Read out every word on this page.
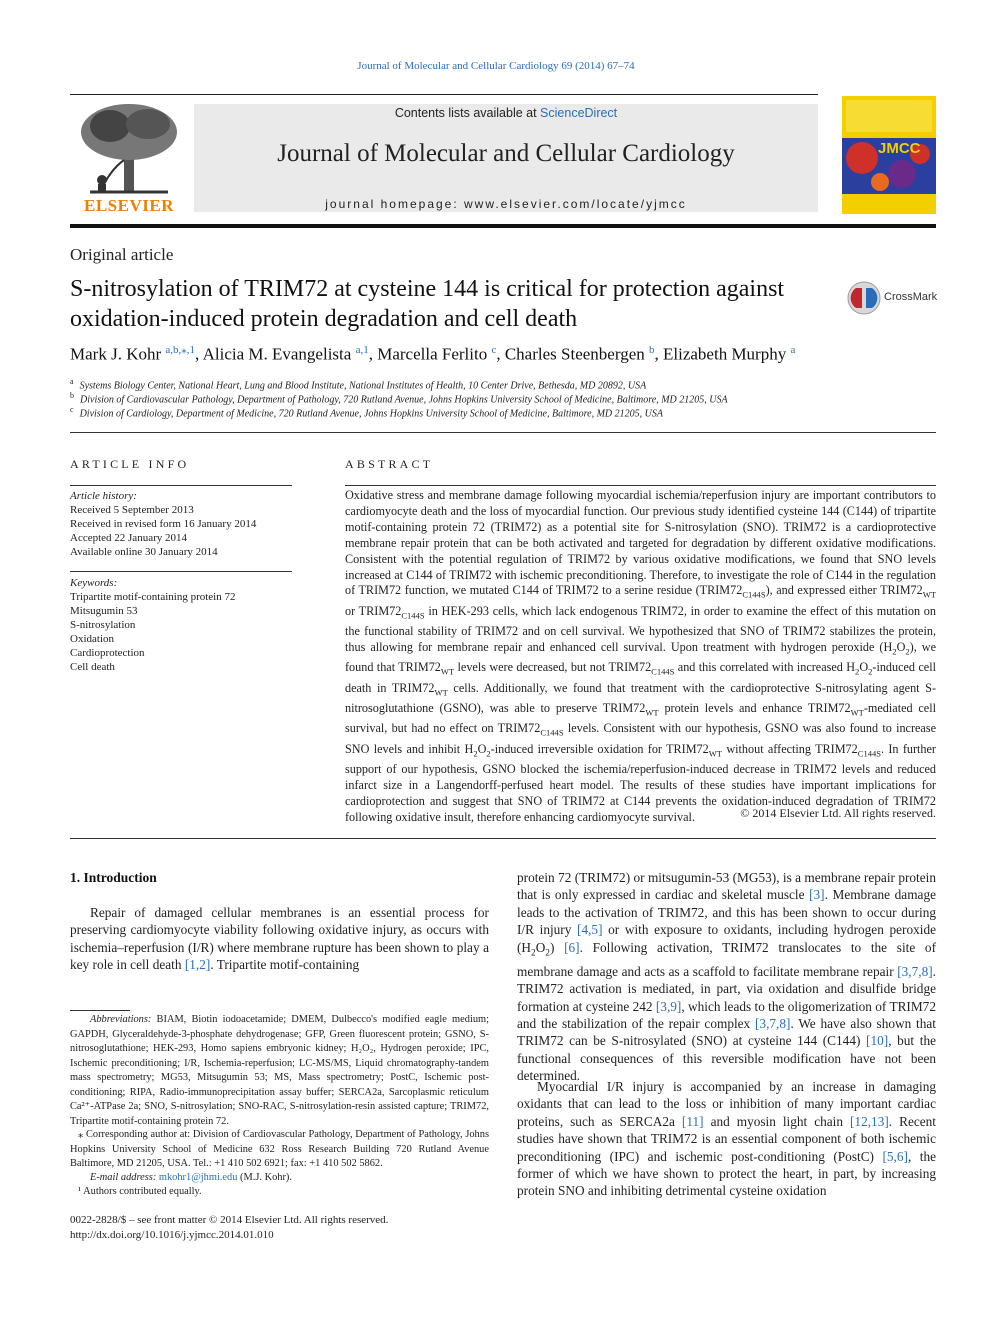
Journal of Molecular and Cellular Cardiology 69 (2014) 67–74
ELSEVIER
Contents lists available at ScienceDirect
Journal of Molecular and Cellular Cardiology
journal homepage: www.elsevier.com/locate/yjmcc
JMCC
Original article
S-nitrosylation of TRIM72 at cysteine 144 is critical for protection against oxidation-induced protein degradation and cell death
CrossMark
Mark J. Kohr $^{a,b,⁎,1}$, Alicia M. Evangelista $^{a,1}$, Marcella Ferlito $^c$, Charles Steenbergen $^b$, Elizabeth Murphy $^a$
$^a$ Systems Biology Center, National Heart, Lung and Blood Institute, National Institutes of Health, 10 Center Drive, Bethesda, MD 20892, USA
$^b$ Division of Cardiovascular Pathology, Department of Pathology, 720 Rutland Avenue, Johns Hopkins University School of Medicine, Baltimore, MD 21205, USA
$^c$ Division of Cardiology, Department of Medicine, 720 Rutland Avenue, Johns Hopkins University School of Medicine, Baltimore, MD 21205, USA
ARTICLE INFO
Article history:
Received 5 September 2013
Received in revised form 16 January 2014
Accepted 22 January 2014
Available online 30 January 2014
Keywords:
Tripartite motif-containing protein 72
Mitsugumin 53
S-nitrosylation
Oxidation
Cardioprotection
Cell death
ABSTRACT
Oxidative stress and membrane damage following myocardial ischemia/reperfusion injury are important contributors to cardiomyocyte death and the loss of myocardial function. Our previous study identified cysteine 144 (C144) of tripartite motif-containing protein 72 (TRIM72) as a potential site for S-nitrosylation (SNO). TRIM72 is a cardioprotective membrane repair protein that can be both activated and targeted for degradation by different oxidative modifications. Consistent with the potential regulation of TRIM72 by various oxidative modifications, we found that SNO levels increased at C144 of TRIM72 with ischemic preconditioning. Therefore, to investigate the role of C144 in the regulation of TRIM72 function, we mutated C144 of TRIM72 to a serine residue $(TRIM72_{C144S})$, and expressed either $TRIM72_{WT}$ or $TRIM72_{C144S}$ in HEK-293 cells, which lack endogenous TRIM72, in order to examine the effect of this mutation on the functional stability of TRIM72 and on cell survival. We hypothesized that SNO of TRIM72 stabilizes the protein, thus allowing for membrane repair and enhanced cell survival. Upon treatment with hydrogen peroxide $(H_2O_2)$, we found that $TRIM72_{WT}$ levels were decreased, but not $TRIM72_{C144S}$ and this correlated with increased $H_2O_2$-induced cell death in $TRIM72_{WT}$ cells. Additionally, we found that treatment with the cardioprotective S-nitrosylating agent S-nitrosoglutathione (GSNO), was able to preserve $TRIM72_{WT}$ protein levels and enhance $TRIM72_{WT}$-mediated cell survival, but had no effect on $TRIM72_{C144S}$ levels. Consistent with our hypothesis, GSNO was also found to increase SNO levels and inhibit $H_2O_2$-induced irreversible oxidation for $TRIM72_{WT}$ without affecting $TRIM72_{C144S}$. In further support of our hypothesis, GSNO blocked the ischemia/reperfusion-induced decrease in TRIM72 levels and reduced infarct size in a Langendorff-perfused heart model. The results of these studies have important implications for cardioprotection and suggest that SNO of TRIM72 at C144 prevents the oxidation-induced degradation of TRIM72 following oxidative insult, therefore enhancing cardiomyocyte survival.	© 2014 Elsevier Ltd. All rights reserved.
1. Introduction
Repair of damaged cellular membranes is an essential process for preserving cardiomyocyte viability following oxidative injury, as occurs with ischemia–reperfusion (I/R) where membrane rupture has been shown to play a key role in cell death [1,2]. Tripartite motif-containing
protein 72 (TRIM72) or mitsugumin-53 (MG53), is a membrane repair protein that is only expressed in cardiac and skeletal muscle [3]. Membrane damage leads to the activation of TRIM72, and this has been shown to occur during I/R injury [4,5] or with exposure to oxidants, including hydrogen peroxide $(H_2O_2)$ [6]. Following activation, TRIM72 translocates to the site of membrane damage and acts as a scaffold to facilitate membrane repair [3,7,8]. TRIM72 activation is mediated, in part, via oxidation and disulfide bridge formation at cysteine 242 [3,9], which leads to the oligomerization of TRIM72 and the stabilization of the repair complex [3,7,8]. We have also shown that TRIM72 can be S-nitrosylated (SNO) at cysteine 144 (C144) [10], but the functional consequences of this reversible modification have not been determined.
Myocardial I/R injury is accompanied by an increase in damaging oxidants that can lead to the loss or inhibition of many important cardiac proteins, such as SERCA2a [11] and myosin light chain [12,13]. Recent studies have shown that TRIM72 is an essential component of both ischemic preconditioning (IPC) and ischemic post-conditioning (PostC) [5,6], the former of which we have shown to protect the heart, in part, by increasing protein SNO and inhibiting detrimental cysteine oxidation
Abbreviations: BIAM, Biotin iodoacetamide; DMEM, Dulbecco's modified eagle medium; GAPDH, Glyceraldehyde-3-phosphate dehydrogenase; GFP, Green fluorescent protein; GSNO, S-nitrosoglutathione; HEK-293, Homo sapiens embryonic kidney; H₂O₂, Hydrogen peroxide; IPC, Ischemic preconditioning; I/R, Ischemia-reperfusion; LC-MS/MS, Liquid chromatography-tandem mass spectrometry; MG53, Mitsugumin 53; MS, Mass spectrometry; PostC, Ischemic post-conditioning; RIPA, Radio-immunoprecipitation assay buffer; SERCA2a, Sarcoplasmic reticulum Ca²⁺-ATPase 2a; SNO, S-nitrosylation; SNO-RAC, S-nitrosylation-resin assisted capture; TRIM72, Tripartite motif-containing protein 72.
⁎ Corresponding author at: Division of Cardiovascular Pathology, Department of Pathology, Johns Hopkins University School of Medicine 632 Ross Research Building 720 Rutland Avenue Baltimore, MD 21205, USA. Tel.: +1 410 502 6921; fax: +1 410 502 5862.
E-mail address: mkohr1@jhmi.edu (M.J. Kohr).
¹ Authors contributed equally.
0022-2828/$ – see front matter © 2014 Elsevier Ltd. All rights reserved.
http://dx.doi.org/10.1016/j.yjmcc.2014.01.010
